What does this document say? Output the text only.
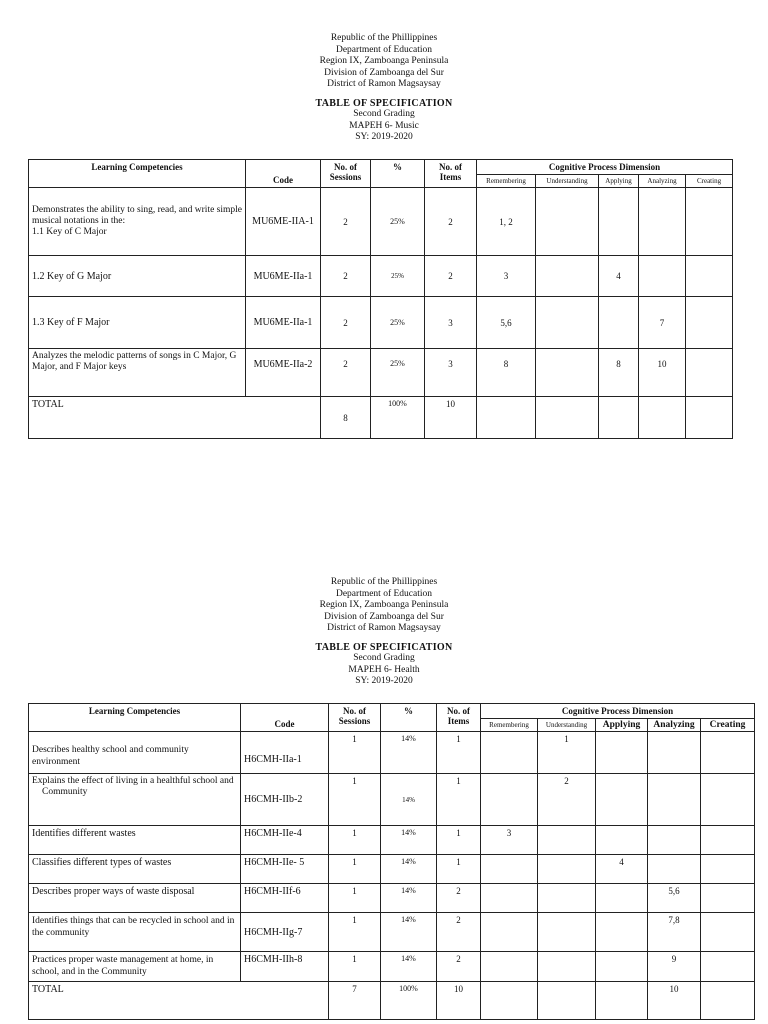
Republic of the Phillippines
Department of Education
Region IX, Zamboanga Peninsula
Division of Zamboanga del Sur
District of Ramon Magsaysay
TABLE OF SPECIFICATION
Second Grading
MAPEH 6- Music
SY: 2019-2020
Learning Competencies	Code	No. of Sessions	%	No. of Items	Cognitive Process Dimension				
					Remembering	Understanding	Applying	Analyzing	Creating

Demonstrates the ability to sing, read, and write simple musical notations in the:
1.1 Key of C Major	MU6ME-IIA-1	2	25%	2	1, 2				
1.2 Key of G Major	MU6ME-IIa-1	2	25%	2	3		4		
1.3 Key of F Major	MU6ME-IIa-1	2	25%	3	5,6			7	
Analyzes the melodic patterns of songs in C Major, G Major, and F Major keys	MU6ME-IIa-2	2	25%	3	8		8	10	
TOTAL		8	100%	10					
Republic of the Phillippines
Department of Education
Region IX, Zamboanga Peninsula
Division of Zamboanga del Sur
District of Ramon Magsaysay
TABLE OF SPECIFICATION
Second Grading
MAPEH 6- Health
SY: 2019-2020
Learning Competencies	Code	No. of Sessions	%	No. of Items	Cognitive Process Dimension				
					Remembering	Understanding	Applying	Analyzing	Creating
Describes healthy school and community environment	H6CMH-IIa-1	1	14%	1		1			

Explains the effect of living in a healthful school and
Community	H6CMH-IIb-2	1	14%	1		2			
Identifies different wastes	H6CMH-IIe-4	1	14%	1	3				
Classifies different types of wastes	H6CMH-IIe- 5	1	14%	1			4		
Describes proper ways of waste disposal	H6CMH-IIf-6	1	14%	2				5,6	
Identifies things that can be recycled in school and in the community	H6CMH-IIg-7	1	14%	2				7,8	
Practices proper waste management at home, in school, and in the Community	H6CMH-IIh-8	1	14%	2				9	
TOTAL		7	100%	10				10	
